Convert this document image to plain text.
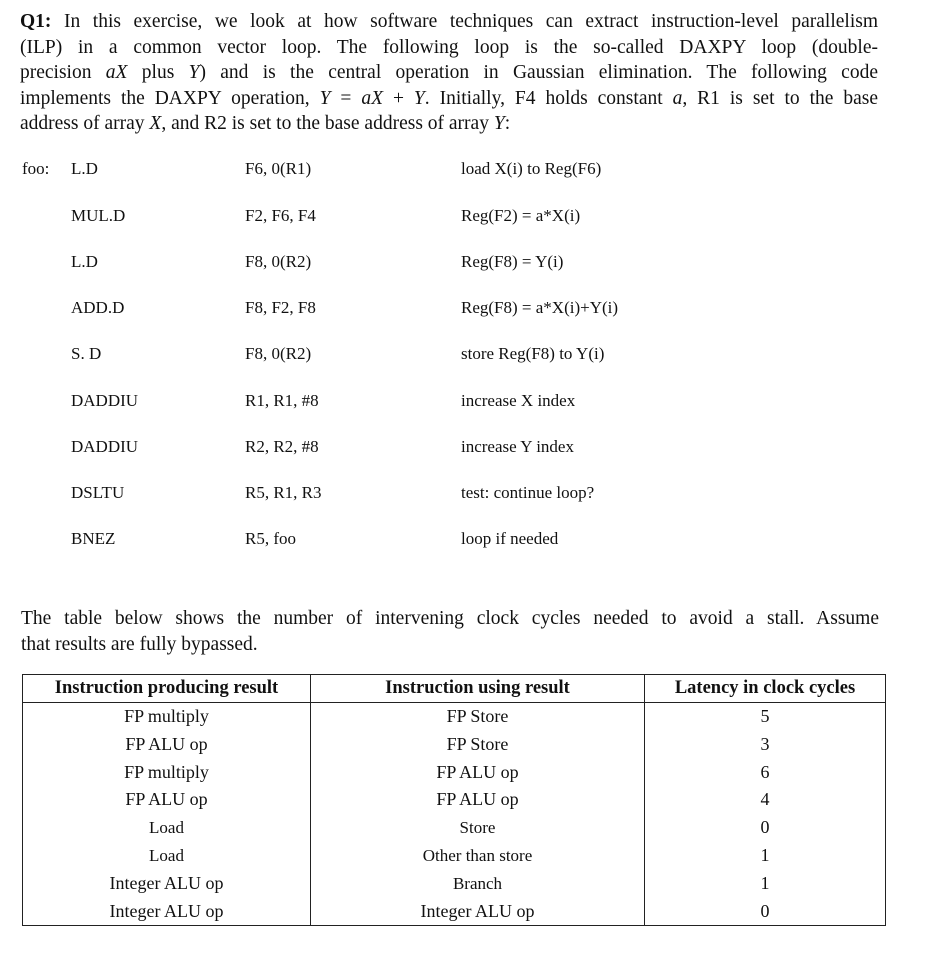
Q1: In this exercise, we look at how software techniques can extract instruction-level parallelism
(ILP) in a common vector loop. The following loop is the so-called DAXPY loop (double-
precision aX plus Y) and is the central operation in Gaussian elimination. The following code
implements the DAXPY operation, Y = aX + Y. Initially, F4 holds constant a, R1 is set to the base
address of array X, and R2 is set to the base address of array Y:
foo: L.D	F6, 0(R1)	load X(i) to Reg(F6)
MUL.D	F2, F6, F4	Reg(F2) = a*X(i)
L.D	F8, 0(R2)	Reg(F8) = Y(i)
ADD.D	F8, F2, F8	Reg(F8) = a*X(i)+Y(i)
S. D	F8, 0(R2)	store Reg(F8) to Y(i)
DADDIU	R1, R1, #8	increase X index
DADDIU	R2, R2, #8	increase Y index
DSLTU	R5, R1, R3	test: continue loop?
BNEZ	R5, foo	loop if needed
The table below shows the number of intervening clock cycles needed to avoid a stall. Assume
that results are fully bypassed.
Instruction producing result	Instruction using result	Latency in clock cycles
FP multiply	FP Store	5
FP ALU op	FP Store	3
FP multiply	FP ALU op	6
FP ALU op	FP ALU op	4
Load	Store	0
Load	Other than store	1
Integer ALU op	Branch	1
Integer ALU op	Integer ALU op	0
